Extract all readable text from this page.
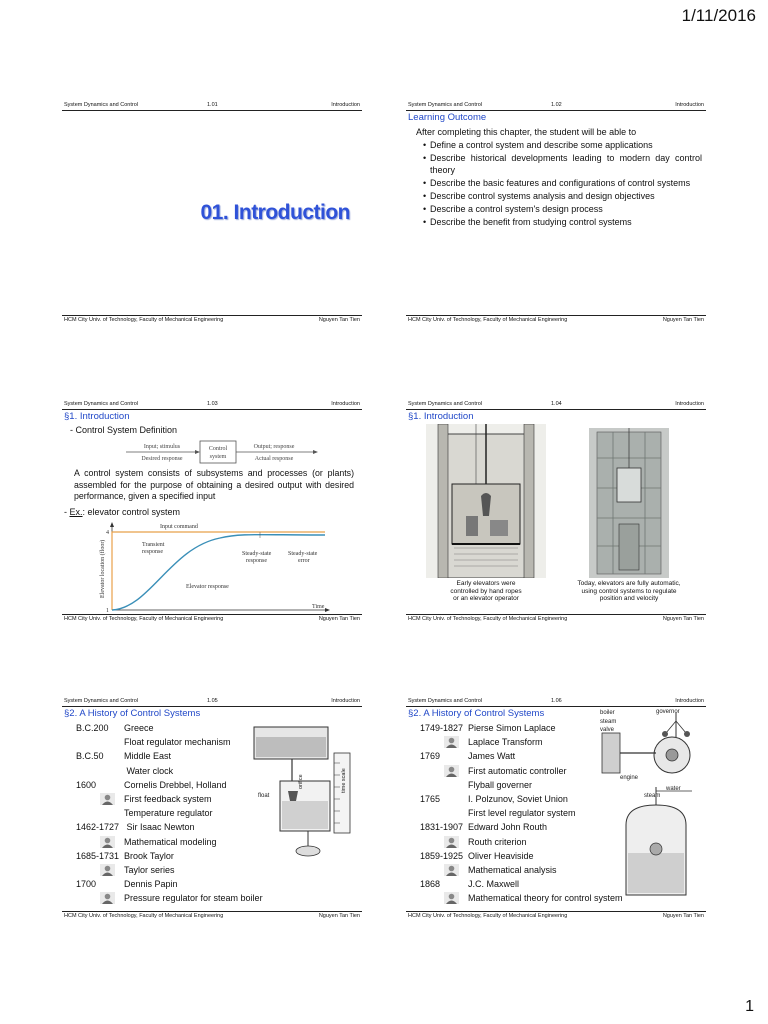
1/11/2016
System Dynamics and Control	1.01	Introduction
01. Introduction
HCM City Univ. of Technology, Faculty of Mechanical Engineering	Nguyen Tan Tien
System Dynamics and Control	1.02	Introduction
Learning Outcome
After completing this chapter, the student will be able to
• Define a control system and describe some applications
• Describe historical developments leading to modern day control theory
• Describe the basic features and configurations of control systems
• Describe control systems analysis and design objectives
• Describe a control system's design process
• Describe the benefit from studying control systems
HCM City Univ. of Technology, Faculty of Mechanical Engineering	Nguyen Tan Tien
System Dynamics and Control	1.03	Introduction
§1. Introduction
- Control System Definition
Input; stimulus
Desired response
Control
system
Output; response
Actual response
A control system consists of subsystems and processes (or plants) assembled for the purpose of obtaining a desired output with desired performance, given a specified input
- Ex.: elevator control system
Input command
Transient
response	Steady-state
response
Steady-state
error
Elevator response
Elevator location (floor)
Time
4
1
HCM City Univ. of Technology, Faculty of Mechanical Engineering	Nguyen Tan Tien
System Dynamics and Control	1.04	Introduction
§1. Introduction
Early elevators were
controlled by hand ropes
or an elevator operator
Today, elevators are fully automatic,
using control systems to regulate
position and velocity
HCM City Univ. of Technology, Faculty of Mechanical Engineering	Nguyen Tan Tien
System Dynamics and Control	1.05	Introduction
§2. A History of Control Systems
B.C.200 Greece
Float regulator mechanism
B.C.50 Middle East
Water clock
1600	Cornelis Drebbel, Holland
First feedback system
Temperature regulator
1462-1727 Sir Isaac Newton
Mathematical modeling
1685-1731 Brook Taylor
Taylor series
1700	Dennis Papin
Pressure regulator for steam boiler
float
orifice	time scale
HCM City Univ. of Technology, Faculty of Mechanical Engineering	Nguyen Tan Tien
System Dynamics and Control	1.06	Introduction
§2. A History of Control Systems
1749-1827 Pierse Simon Laplace
Laplace Transform
1769	James Watt
First automatic controller
Flyball governer
1765	I. Polzunov, Soviet Union
First level regulator system
1831-1907 Edward John Routh
Routh criterion
1859-1925 Oliver Heaviside
Mathematical analysis
1868	J.C. Maxwell
Mathematical theory for control system
boiler
steam
valve
governor
engine
water
steam
HCM City Univ. of Technology, Faculty of Mechanical Engineering	Nguyen Tan Tien
1
